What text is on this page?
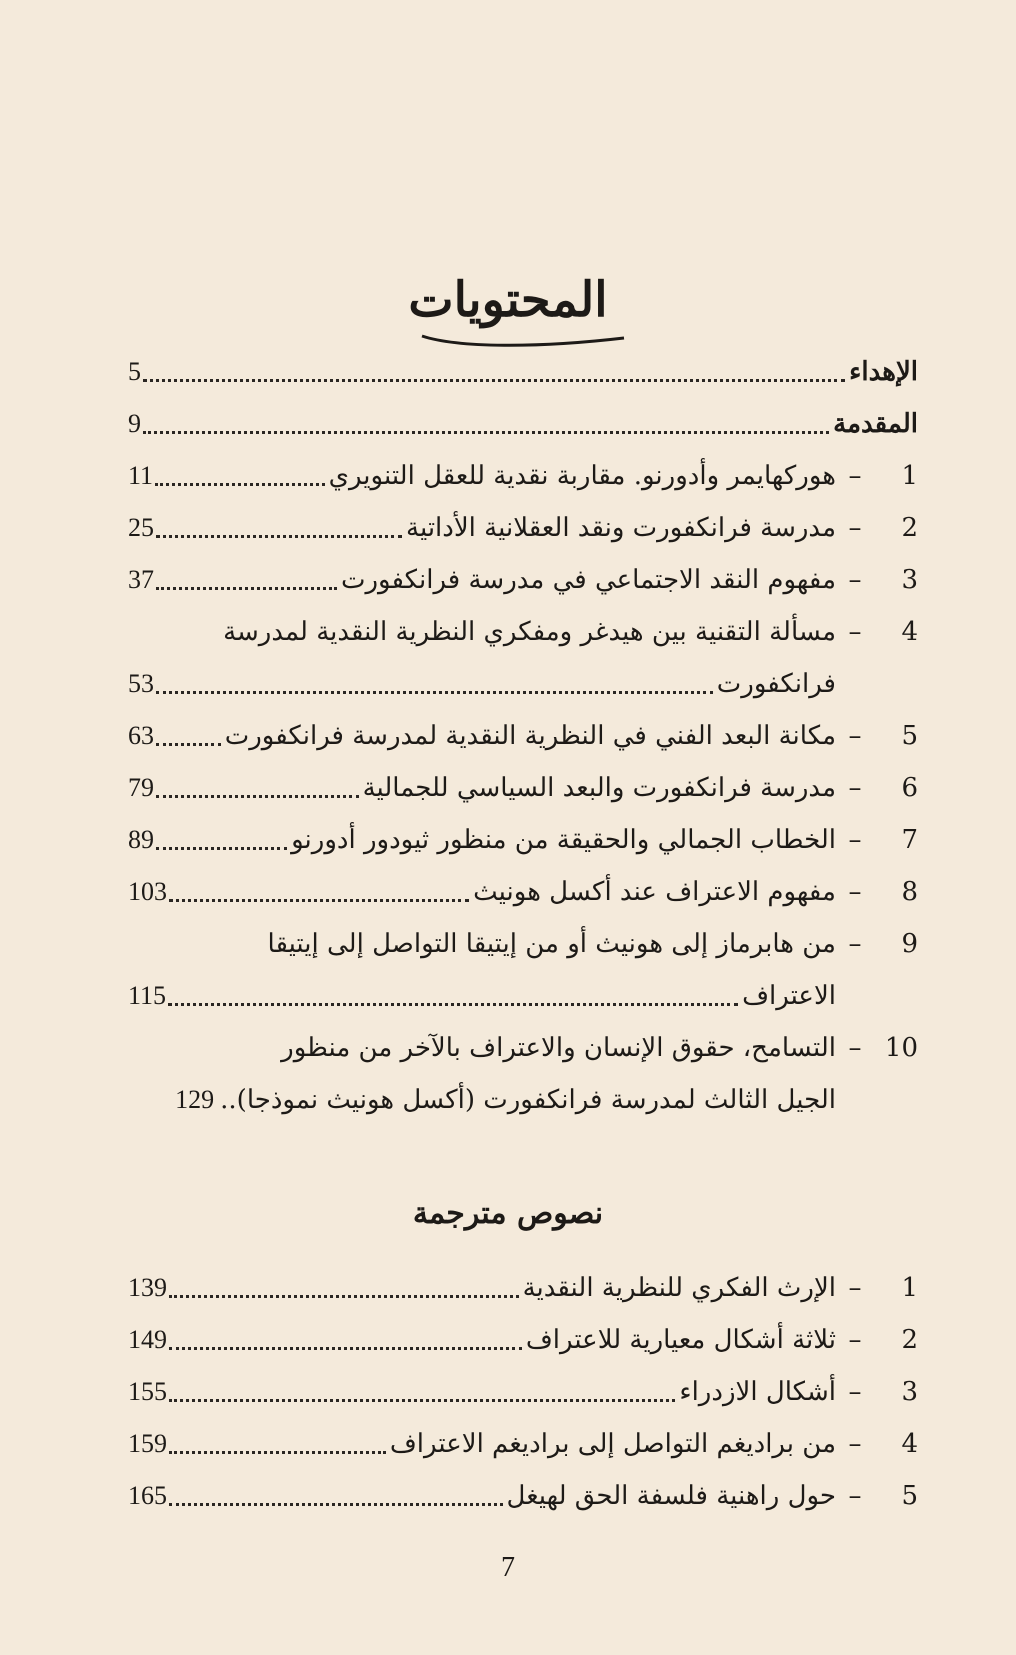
المحتويات
الإهداء
5
المقدمة
9
1
–
هوركهايمر وأدورنو. مقاربة نقدية للعقل التنويري
11
2
–
مدرسة فرانكفورت ونقد العقلانية الأداتية
25
3
–
مفهوم النقد الاجتماعي في مدرسة فرانكفورت
37
4
–
مسألة التقنية بين هيدغر ومفكري النظرية النقدية لمدرسة
فرانكفورت
53
5
–
مكانة البعد الفني في النظرية النقدية لمدرسة فرانكفورت
63
6
–
مدرسة فرانكفورت والبعد السياسي للجمالية
79
7
–
الخطاب الجمالي والحقيقة من منظور ثيودور أدورنو
89
8
–
مفهوم الاعتراف عند أكسل هونيث
103
9
–
من هابرماز إلى هونيث أو من إيتيقا التواصل إلى إيتيقا
الاعتراف
115
10
–
التسامح، حقوق الإنسان والاعتراف بالآخر من منظور
الجيل الثالث لمدرسة فرانكفورت (أكسل هونيث نموذجا)..
129
نصوص مترجمة
1
–
الإرث الفكري للنظرية النقدية
139
2
–
ثلاثة أشكال معيارية للاعتراف
149
3
–
أشكال الازدراء
155
4
–
من براديغم التواصل إلى براديغم الاعتراف
159
5
–
حول راهنية فلسفة الحق لهيغل
165
7
